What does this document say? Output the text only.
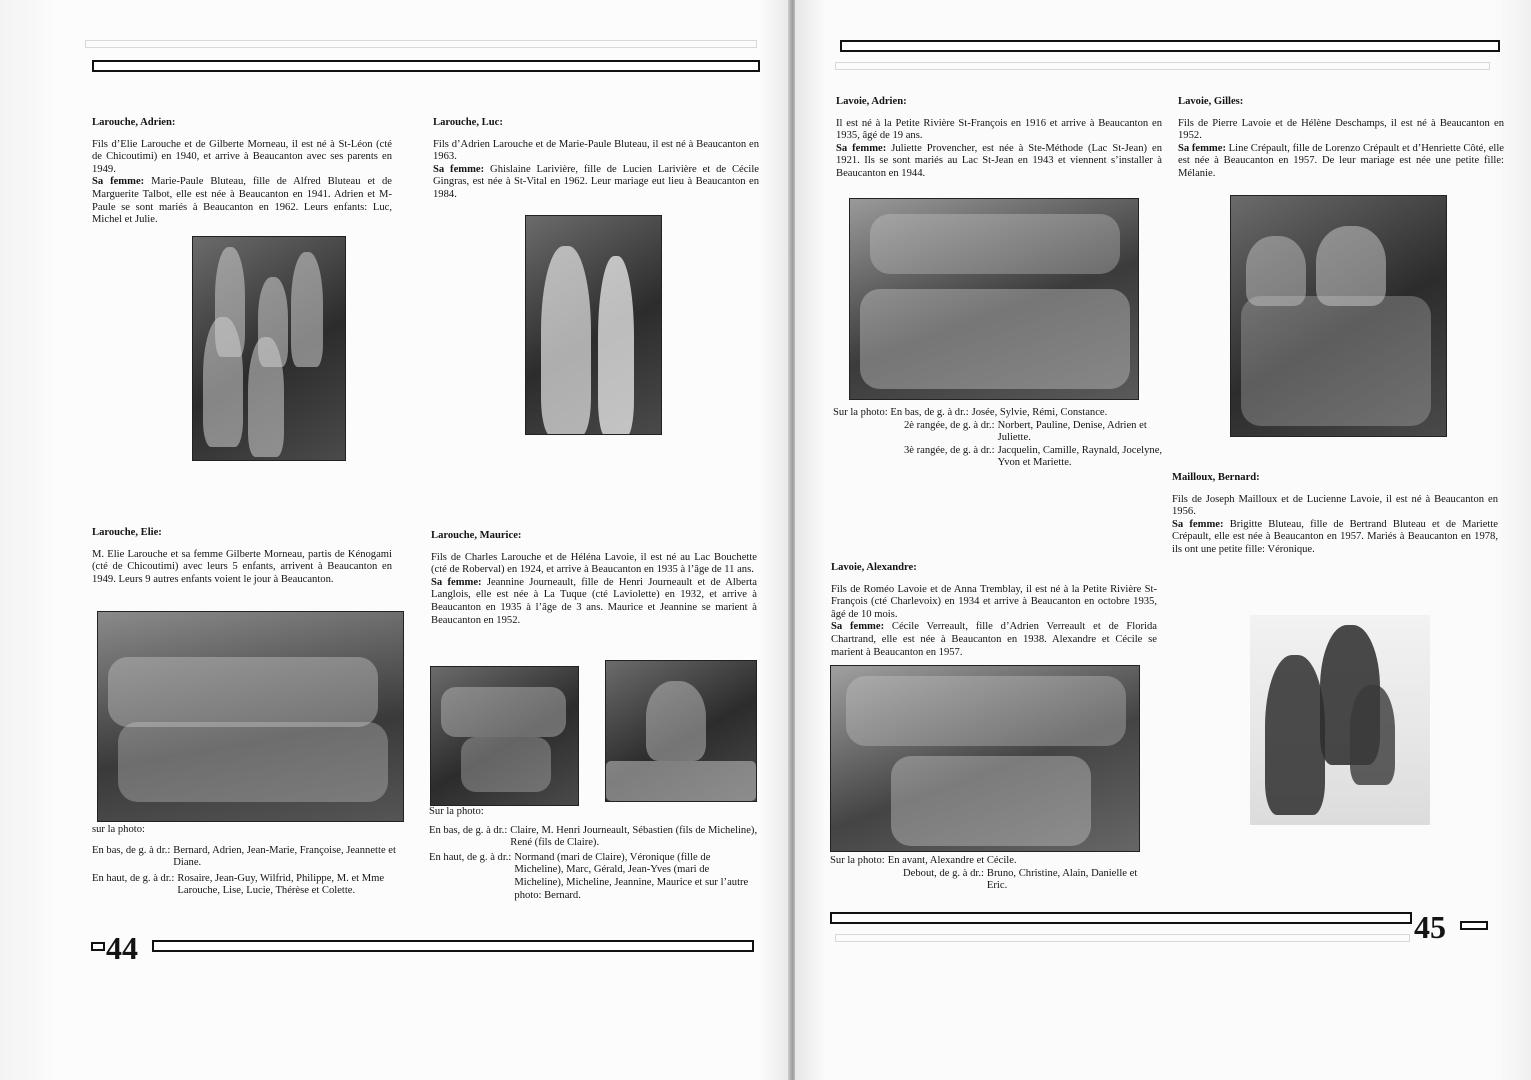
Larouche, Adrien:

Fils d’Elie Larouche et de Gilberte Morneau, il est né à St-Léon (cté de Chicoutimi) en 1940, et arrive à Beaucanton avec ses parents en 1949.

Sa femme: Marie-Paule Bluteau, fille de Alfred Bluteau et de Marguerite Talbot, elle est née à Beaucanton en 1941. Adrien et M-Paule se sont mariés à Beaucanton en 1962. Leurs enfants: Luc, Michel et Julie.

Larouche, Luc:

Fils d’Adrien Larouche et de Marie-Paule Bluteau, il est né à Beaucanton en 1963.

Sa femme: Ghislaine Larivière, fille de Lucien Larivière et de Cécile Gingras, est née à St-Vital en 1962. Leur mariage eut lieu à Beaucanton en 1984.

Larouche, Elie:

M. Elie Larouche et sa femme Gilberte Morneau, partis de Kénogami (cté de Chicoutimi) avec leurs 5 enfants, arrivent à Beaucanton en 1949. Leurs 9 autres enfants voient le jour à Beaucanton.

Larouche, Maurice:

Fils de Charles Larouche et de Héléna Lavoie, il est né au Lac Bouchette (cté de Roberval) en 1924, et arrive à Beaucanton en 1935 à l’âge de 11 ans.

Sa femme: Jeannine Journeault, fille de Henri Journeault et de Alberta Langlois, elle est née à La Tuque (cté Laviolette) en 1932, et arrive à Beaucanton en 1935 à l’âge de 3 ans. Maurice et Jeannine se marient à Beaucanton en 1952.

sur la photo:
En bas, de g. à dr.: Bernard, Adrien, Jean-Marie, Françoise, Jeannette et Diane.
En haut, de g. à dr.: Rosaire, Jean-Guy, Wilfrid, Philippe, M. et Mme Larouche, Lise, Lucie, Thérèse et Colette.
Sur la photo:
En bas, de g. à dr.: Claire, M. Henri Journeault, Sébastien (fils de Micheline), René (fils de Claire).
En haut, de g. à dr.: Normand (mari de Claire), Véronique (fille de Micheline), Marc, Gérald, Jean-Yves (mari de Micheline), Micheline, Jeannine, Maurice et sur l’autre photo: Bernard.
44
Lavoie, Adrien:

Il est né à la Petite Rivière St-François en 1916 et arrive à Beaucanton en 1935, âgé de 19 ans.

Sa femme: Juliette Provencher, est née à Ste-Méthode (Lac St-Jean) en 1921. Ils se sont mariés au Lac St-Jean en 1943 et viennent s’installer à Beaucanton en 1944.

Lavoie, Gilles:

Fils de Pierre Lavoie et de Hélène Deschamps, il est né à Beaucanton en 1952.

Sa femme: Line Crépault, fille de Lorenzo Crépault et d’Henriette Côté, elle est née à Beaucanton en 1957. De leur mariage est née une petite fille: Mélanie.

Sur la photo: En bas, de g. à dr.: Josée, Sylvie, Rémi, Constance.
2è rangée, de g. à dr.: Norbert, Pauline, Denise, Adrien et Juliette.
3è rangée, de g. à dr.: Jacquelin, Camille, Raynald, Jocelyne, Yvon et Mariette.
Mailloux, Bernard:

Fils de Joseph Mailloux et de Lucienne Lavoie, il est né à Beaucanton en 1956.

Sa femme: Brigitte Bluteau, fille de Bertrand Bluteau et de Mariette Crépault, elle est née à Beaucanton en 1957. Mariés à Beaucanton en 1978, ils ont une petite fille: Véronique.

Lavoie, Alexandre:

Fils de Roméo Lavoie et de Anna Tremblay, il est né à la Petite Rivière St-François (cté Charlevoix) en 1934 et arrive à Beaucanton en octobre 1935, âgé de 10 mois.

Sa femme: Cécile Verreault, fille d’Adrien Verreault et de Florida Chartrand, elle est née à Beaucanton en 1938. Alexandre et Cécile se marient à Beaucanton en 1957.

Sur la photo: En avant, Alexandre et Cécile.
Debout, de g. à dr.: Bruno, Christine, Alain, Danielle et Eric.
45
